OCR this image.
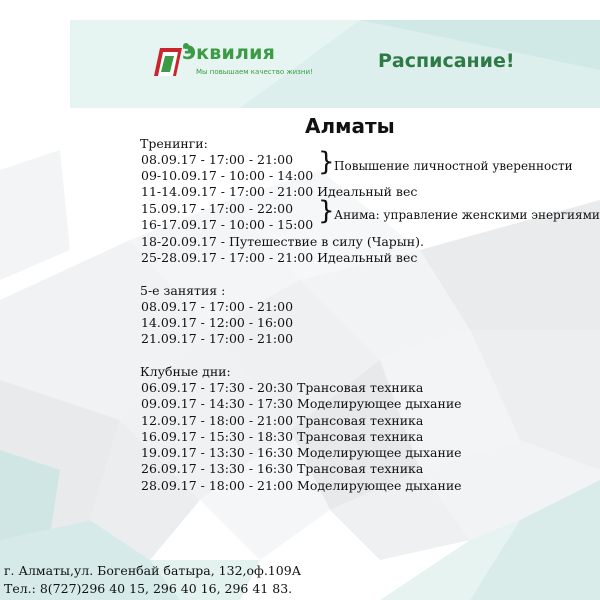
Эквилия
Мы повышаем качество жизни!	Расписание!
Алматы
Тренинги:
08.09.17 - 17:00 - 21:00
09-10.09.17 - 10:00 - 14:00 } Повышение личностной уверенности
11-14.09.17 - 17:00 - 21:00 Идеальный вес
15.09.17 - 17:00 - 22:00
16-17.09.17 - 10:00 - 15:00 } Анима: управление женскими энергиями
18-20.09.17 - Путешествие в силу (Чарын).
25-28.09.17 - 17:00 - 21:00 Идеальный вес
5-е занятия :
08.09.17 - 17:00 - 21:00
14.09.17 - 12:00 - 16:00
21.09.17 - 17:00 - 21:00
Клубные дни:
06.09.17 - 17:30 - 20:30 Трансовая техника
09.09.17 - 14:30 - 17:30 Моделирующее дыхание
12.09.17 - 18:00 - 21:00 Трансовая техника
16.09.17 - 15:30 - 18:30 Трансовая техника
19.09.17 - 13:30 - 16:30 Моделирующее дыхание
26.09.17 - 13:30 - 16:30 Трансовая техника
28.09.17 - 18:00 - 21:00 Моделирующее дыхание
г. Алматы,ул. Богенбай батыра, 132,оф.109А
Тел.: 8(727)296 40 15, 296 40 16, 296 41 83.
